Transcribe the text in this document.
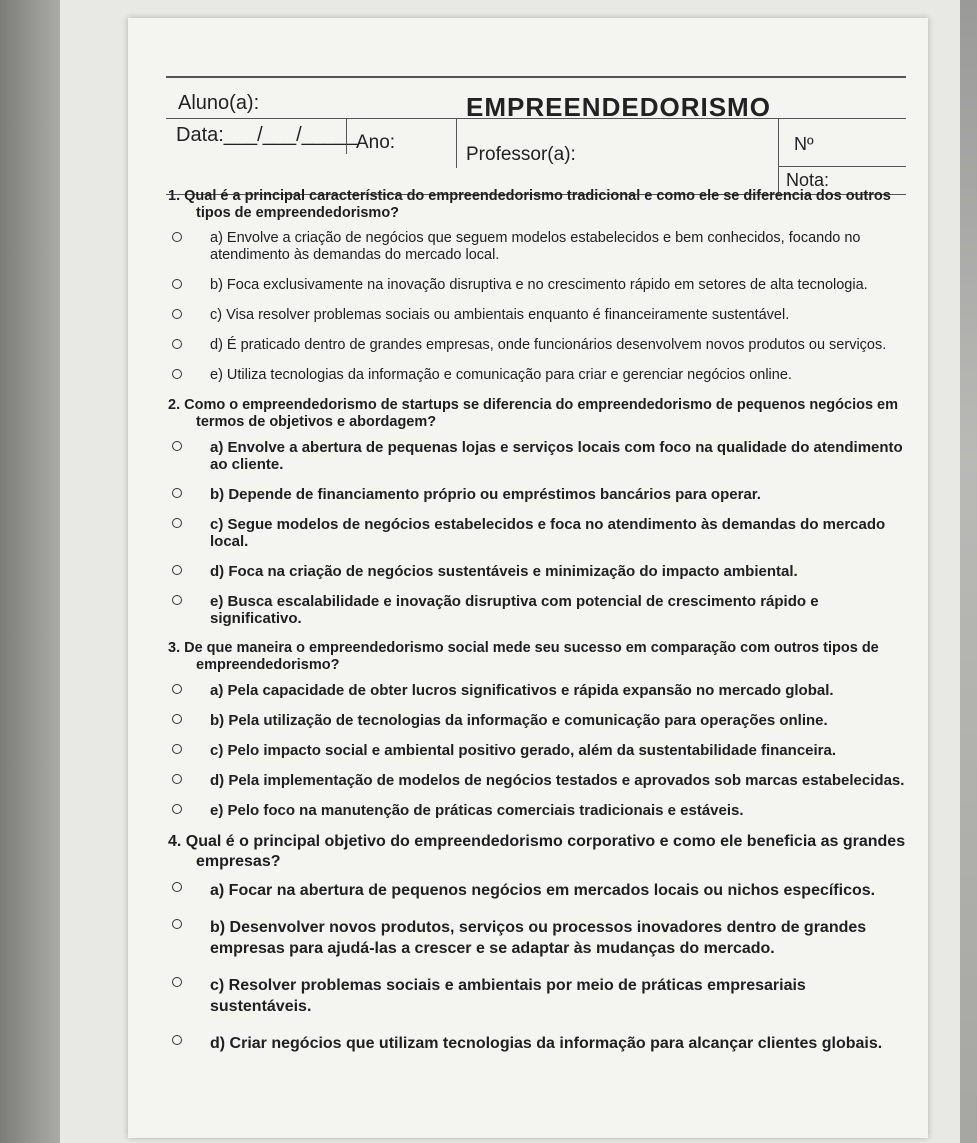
EMPREENDEDORISMO
Aluno(a):
Data:___/___/_____
Ano:
Professor(a):	Nº
Nota:

1. Qual é a principal característica do empreendedorismo tradicional e como ele se diferencia dos outros tipos de empreendedorismo?

a) Envolve a criação de negócios que seguem modelos estabelecidos e bem conhecidos, focando no atendimento às demandas do mercado local.
b) Foca exclusivamente na inovação disruptiva e no crescimento rápido em setores de alta tecnologia.
c) Visa resolver problemas sociais ou ambientais enquanto é financeiramente sustentável.
d) É praticado dentro de grandes empresas, onde funcionários desenvolvem novos produtos ou serviços.
e) Utiliza tecnologias da informação e comunicação para criar e gerenciar negócios online.

2. Como o empreendedorismo de startups se diferencia do empreendedorismo de pequenos negócios em termos de objetivos e abordagem?

a) Envolve a abertura de pequenas lojas e serviços locais com foco na qualidade do atendimento ao cliente.
b) Depende de financiamento próprio ou empréstimos bancários para operar.
c) Segue modelos de negócios estabelecidos e foca no atendimento às demandas do mercado local.
d) Foca na criação de negócios sustentáveis e minimização do impacto ambiental.
e) Busca escalabilidade e inovação disruptiva com potencial de crescimento rápido e significativo.

3. De que maneira o empreendedorismo social mede seu sucesso em comparação com outros tipos de empreendedorismo?

a) Pela capacidade de obter lucros significativos e rápida expansão no mercado global.
b) Pela utilização de tecnologias da informação e comunicação para operações online.
c) Pelo impacto social e ambiental positivo gerado, além da sustentabilidade financeira.
d) Pela implementação de modelos de negócios testados e aprovados sob marcas estabelecidas.
e) Pelo foco na manutenção de práticas comerciais tradicionais e estáveis.

4. Qual é o principal objetivo do empreendedorismo corporativo e como ele beneficia as grandes empresas?

a) Focar na abertura de pequenos negócios em mercados locais ou nichos específicos.
b) Desenvolver novos produtos, serviços ou processos inovadores dentro de grandes empresas para ajudá-las a crescer e se adaptar às mudanças do mercado.
c) Resolver problemas sociais e ambientais por meio de práticas empresariais sustentáveis.
d) Criar negócios que utilizam tecnologias da informação para alcançar clientes globais.
